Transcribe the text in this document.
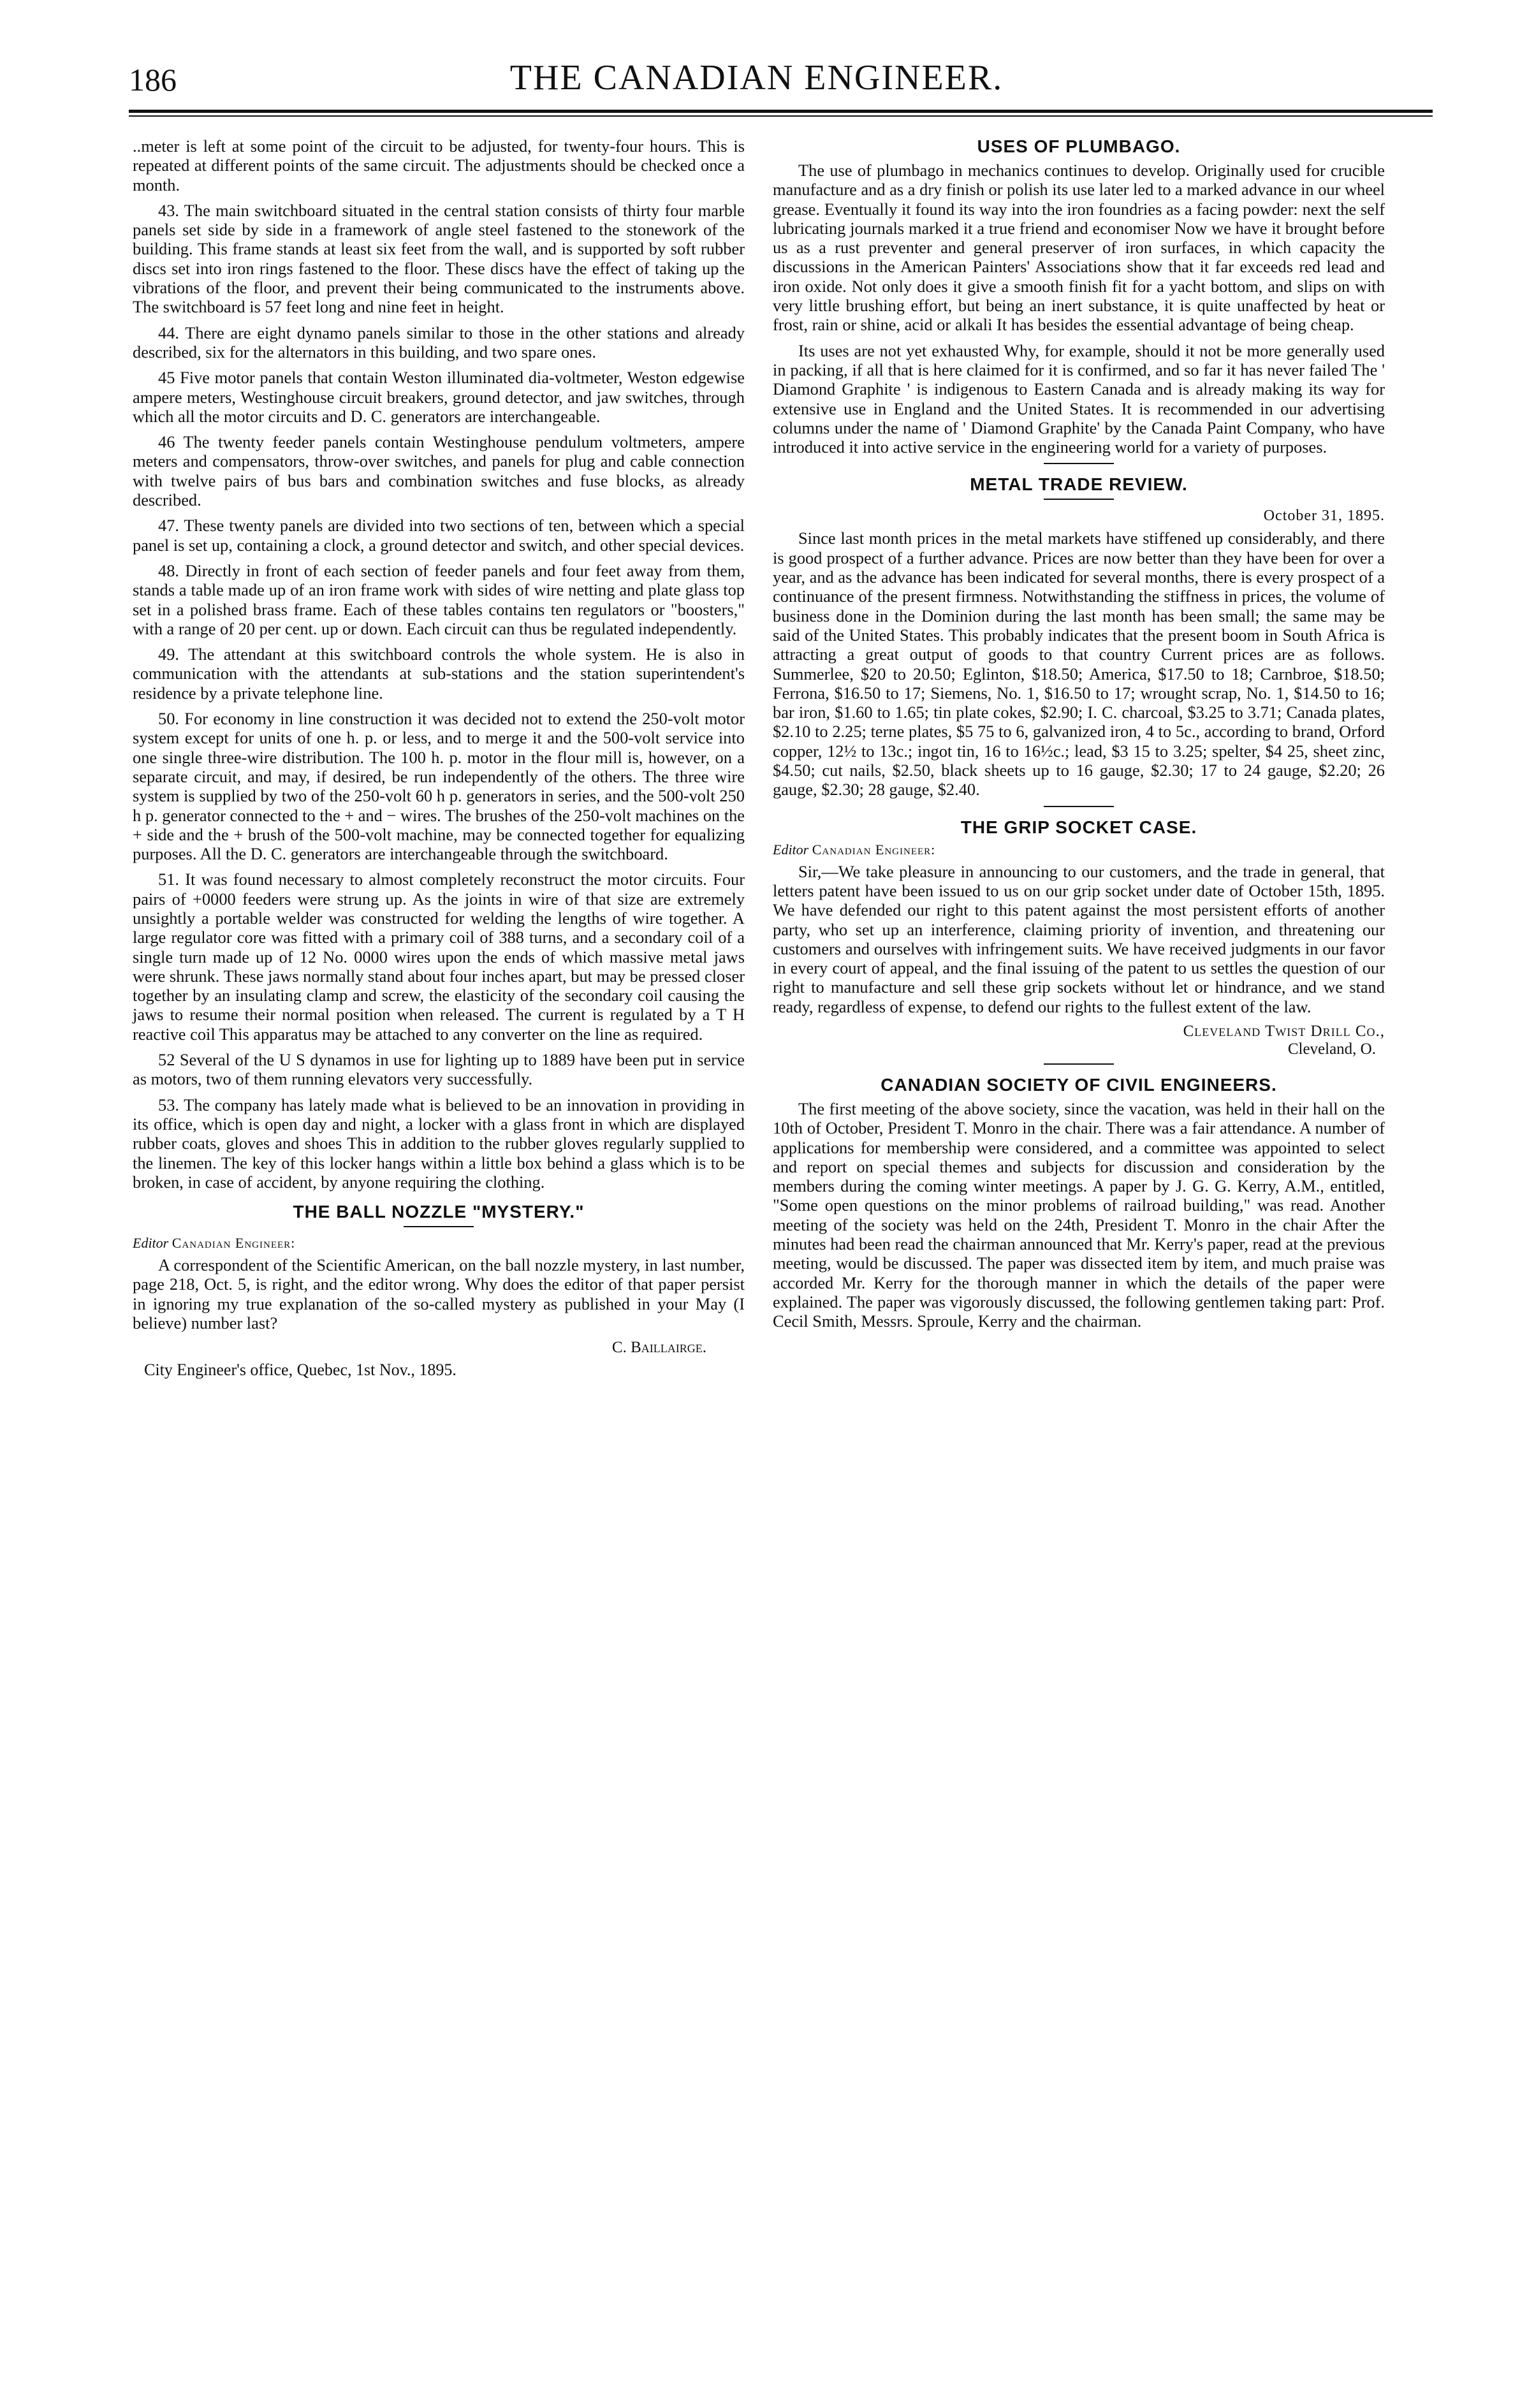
186	THE CANADIAN ENGINEER.

..meter is left at some point of the circuit to be adjusted, for twenty-four hours. This is repeated at different points of the same circuit. The adjustments should be checked once a month.

43. The main switchboard situated in the central station consists of thirty four marble panels set side by side in a framework of angle steel fastened to the stonework of the building. This frame stands at least six feet from the wall, and is supported by soft rubber discs set into iron rings fastened to the floor. These discs have the effect of taking up the vibrations of the floor, and prevent their being communicated to the instruments above. The switchboard is 57 feet long and nine feet in height.

44. There are eight dynamo panels similar to those in the other stations and already described, six for the alternators in this building, and two spare ones.

45 Five motor panels that contain Weston illuminated dia-voltmeter, Weston edgewise ampere meters, Westinghouse circuit breakers, ground detector, and jaw switches, through which all the motor circuits and D. C. generators are interchangeable.

46 The twenty feeder panels contain Westinghouse pendulum voltmeters, ampere meters and compensators, throw-over switches, and panels for plug and cable connection with twelve pairs of bus bars and combination switches and fuse blocks, as already described.

47. These twenty panels are divided into two sections of ten, between which a special panel is set up, containing a clock, a ground detector and switch, and other special devices.

48. Directly in front of each section of feeder panels and four feet away from them, stands a table made up of an iron frame work with sides of wire netting and plate glass top set in a polished brass frame. Each of these tables contains ten regulators or "boosters," with a range of 20 per cent. up or down. Each circuit can thus be regulated independently.

49. The attendant at this switchboard controls the whole system. He is also in communication with the attendants at sub-stations and the station superintendent's residence by a private telephone line.

50. For economy in line construction it was decided not to extend the 250-volt motor system except for units of one h. p. or less, and to merge it and the 500-volt service into one single three-wire distribution. The 100 h. p. motor in the flour mill is, however, on a separate circuit, and may, if desired, be run independently of the others. The three wire system is supplied by two of the 250-volt 60 h p. generators in series, and the 500-volt 250 h p. generator connected to the + and − wires. The brushes of the 250-volt machines on the + side and the + brush of the 500-volt machine, may be connected together for equalizing purposes. All the D. C. generators are interchangeable through the switchboard.

51. It was found necessary to almost completely reconstruct the motor circuits. Four pairs of +0000 feeders were strung up. As the joints in wire of that size are extremely unsightly a portable welder was constructed for welding the lengths of wire together. A large regulator core was fitted with a primary coil of 388 turns, and a secondary coil of a single turn made up of 12 No. 0000 wires upon the ends of which massive metal jaws were shrunk. These jaws normally stand about four inches apart, but may be pressed closer together by an insulating clamp and screw, the elasticity of the secondary coil causing the jaws to resume their normal position when released. The current is regulated by a T H reactive coil This apparatus may be attached to any converter on the line as required.

52 Several of the U S dynamos in use for lighting up to 1889 have been put in service as motors, two of them running elevators very successfully.

53. The company has lately made what is believed to be an innovation in providing in its office, which is open day and night, a locker with a glass front in which are displayed rubber coats, gloves and shoes This in addition to the rubber gloves regularly supplied to the linemen. The key of this locker hangs within a little box behind a glass which is to be broken, in case of accident, by anyone requiring the clothing.

THE BALL NOZZLE "MYSTERY."
Editor Canadian Engineer:

A correspondent of the Scientific American, on the ball nozzle mystery, in last number, page 218, Oct. 5, is right, and the editor wrong. Why does the editor of that paper persist in ignoring my true explanation of the so-called mystery as published in your May (I believe) number last?

C. Baillairge.
City Engineer's office, Quebec, 1st Nov., 1895.
USES OF PLUMBAGO.

The use of plumbago in mechanics continues to develop. Originally used for crucible manufacture and as a dry finish or polish its use later led to a marked advance in our wheel grease. Eventually it found its way into the iron foundries as a facing powder: next the self lubricating journals marked it a true friend and economiser Now we have it brought before us as a rust preventer and general preserver of iron surfaces, in which capacity the discussions in the American Painters' Associations show that it far exceeds red lead and iron oxide. Not only does it give a smooth finish fit for a yacht bottom, and slips on with very little brushing effort, but being an inert substance, it is quite unaffected by heat or frost, rain or shine, acid or alkali It has besides the essential advantage of being cheap.

Its uses are not yet exhausted Why, for example, should it not be more generally used in packing, if all that is here claimed for it is confirmed, and so far it has never failed The ' Diamond Graphite ' is indigenous to Eastern Canada and is already making its way for extensive use in England and the United States. It is recommended in our advertising columns under the name of ' Diamond Graphite' by the Canada Paint Company, who have introduced it into active service in the engineering world for a variety of purposes.

METAL TRADE REVIEW.
October 31, 1895.

Since last month prices in the metal markets have stiffened up considerably, and there is good prospect of a further advance. Prices are now better than they have been for over a year, and as the advance has been indicated for several months, there is every prospect of a continuance of the present firmness. Notwithstanding the stiffness in prices, the volume of business done in the Dominion during the last month has been small; the same may be said of the United States. This probably indicates that the present boom in South Africa is attracting a great output of goods to that country Current prices are as follows. Summerlee, $20 to 20.50; Eglinton, $18.50; America, $17.50 to 18; Carnbroe, $18.50; Ferrona, $16.50 to 17; Siemens, No. 1, $16.50 to 17; wrought scrap, No. 1, $14.50 to 16; bar iron, $1.60 to 1.65; tin plate cokes, $2.90; I. C. charcoal, $3.25 to 3.71; Canada plates, $2.10 to 2.25; terne plates, $5 75 to 6, galvanized iron, 4 to 5c., according to brand, Orford copper, 12½ to 13c.; ingot tin, 16 to 16½c.; lead, $3 15 to 3.25; spelter, $4 25, sheet zinc, $4.50; cut nails, $2.50, black sheets up to 16 gauge, $2.30; 17 to 24 gauge, $2.20; 26 gauge, $2.30; 28 gauge, $2.40.

THE GRIP SOCKET CASE.
Editor Canadian Engineer:

Sir,—We take pleasure in announcing to our customers, and the trade in general, that letters patent have been issued to us on our grip socket under date of October 15th, 1895. We have defended our right to this patent against the most persistent efforts of another party, who set up an interference, claiming priority of invention, and threatening our customers and ourselves with infringement suits. We have received judgments in our favor in every court of appeal, and the final issuing of the patent to us settles the question of our right to manufacture and sell these grip sockets without let or hindrance, and we stand ready, regardless of expense, to defend our rights to the fullest extent of the law.

Cleveland Twist Drill Co.,
Cleveland, O.
CANADIAN SOCIETY OF CIVIL ENGINEERS.

The first meeting of the above society, since the vacation, was held in their hall on the 10th of October, President T. Monro in the chair. There was a fair attendance. A number of applications for membership were considered, and a committee was appointed to select and report on special themes and subjects for discussion and consideration by the members during the coming winter meetings. A paper by J. G. G. Kerry, A.M., entitled, "Some open questions on the minor problems of railroad building," was read. Another meeting of the society was held on the 24th, President T. Monro in the chair After the minutes had been read the chairman announced that Mr. Kerry's paper, read at the previous meeting, would be discussed. The paper was dissected item by item, and much praise was accorded Mr. Kerry for the thorough manner in which the details of the paper were explained. The paper was vigorously discussed, the following gentlemen taking part: Prof. Cecil Smith, Messrs. Sproule, Kerry and the chairman.
